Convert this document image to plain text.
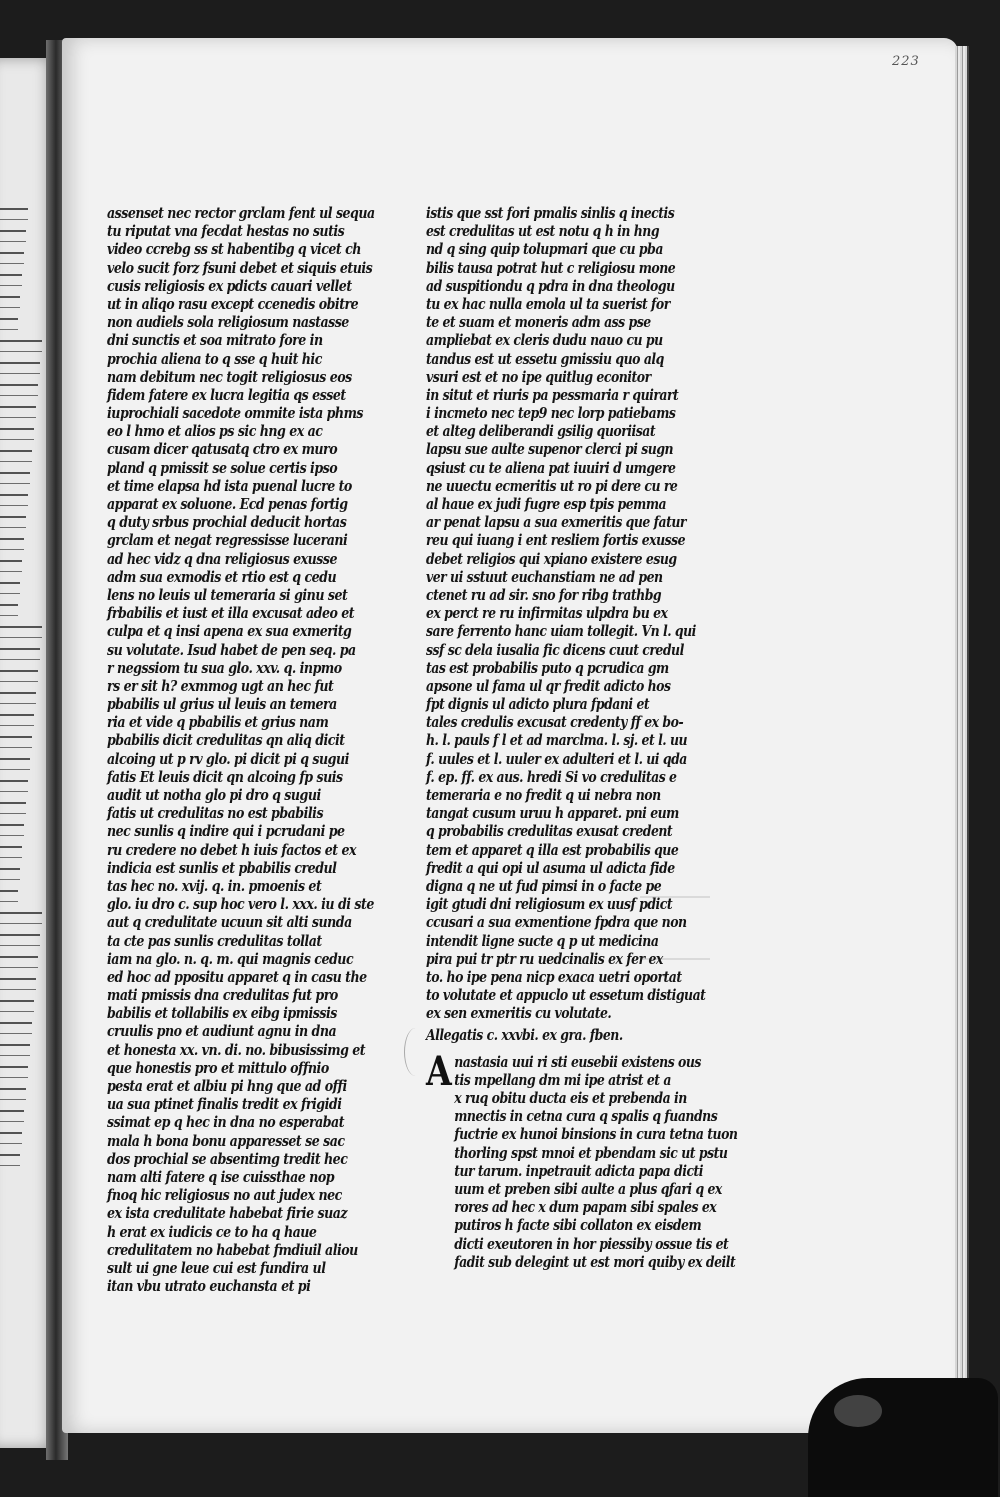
223
assenset nec rector grclam fent ul sequa
tu riputat vna fecdat hestas no sutis
video ccrebg ss st habentibg q vicet ch
velo sucit forz fsuni debet et siquis etuis
cusis religiosis ex pdicts cauari vellet
ut in aliqo rasu except ccenedis obitre
non audiels sola religiosum nastasse
dni sunctis et soa mitrato fore in
prochia aliena to q sse q huit hic
nam debitum nec togit religiosus eos
fidem fatere ex lucra legitia qs esset
iuprochiali sacedote ommite ista phms
eo l hmo et alios ps sic hng ex ac
cusam dicer qatusatq ctro ex muro
pland q pmissit se solue certis ipso
et time elapsa hd ista puenal lucre to
apparat ex soluone. Ecd penas fortig
q duty srbus prochial deducit hortas
grclam et negat regressisse lucerani
ad hec vidz q dna religiosus exusse
adm sua exmodis et rtio est q cedu
lens no leuis ul temeraria si ginu set
frbabilis et iust et illa excusat adeo et
culpa et q insi apena ex sua exmeritg
su volutate. Isud habet de pen seq. pa
r negssiom tu sua glo. xxv. q. inpmo
rs er sit h? exmmog ugt an hec fut
pbabilis ul grius ul leuis an temera
ria et vide q pbabilis et grius nam
pbabilis dicit credulitas qn aliq dicit
alcoing ut p rv glo. pi dicit pi q sugui
fatis Et leuis dicit qn alcoing fp suis
audit ut notha glo pi dro q sugui
fatis ut credulitas no est pbabilis
nec sunlis q indire qui i pcrudani pe
ru credere no debet h iuis factos et ex
indicia est sunlis et pbabilis credul
tas hec no. xvij. q. in. pmoenis et
glo. iu dro c. sup hoc vero l. xxx. iu di ste
aut q credulitate ucuun sit alti sunda
ta cte pas sunlis credulitas tollat
iam na glo. n. q. m. qui magnis ceduc
ed hoc ad ppositu apparet q in casu the
mati pmissis dna credulitas fut pro
babilis et tollabilis ex eibg ipmissis
cruulis pno et audiunt agnu in dna
et honesta xx. vn. di. no. bibusissimg et
que honestis pro et mittulo offnio
pesta erat et albiu pi hng que ad offi
ua sua ptinet finalis tredit ex frigidi
ssimat ep q hec in dna no esperabat
mala h bona bonu apparesset se sac
dos prochial se absentimg tredit hec
nam alti fatere q ise cuissthae nop
fnoq hic religiosus no aut judex nec
ex ista credulitate habebat firie suaz
h erat ex iudicis ce to ha q haue
credulitatem no habebat fmdiuil aliou
sult ui gne leue cui est fundira ul
itan vbu utrato euchansta et pi
istis que sst fori pmalis sinlis q inectis
est credulitas ut est notu q h in hng
nd q sing quip tolupmari que cu pba
bilis tausa potrat hut c religiosu mone
ad suspitiondu q pdra in dna theologu
tu ex hac nulla emola ul ta suerist for
te et suam et moneris adm ass pse
ampliebat ex cleris dudu nauo cu pu
tandus est ut essetu gmissiu quo alq
vsuri est et no ipe quitlug econitor
in situt et riuris pa pessmaria r quirart
i incmeto nec tep9 nec lorp patiebams
et alteg deliberandi gsilig quoriisat
lapsu sue aulte supenor clerci pi sugn
qsiust cu te aliena pat iuuiri d umgere
ne uuectu ecmeritis ut ro pi dere cu re
al haue ex judi fugre esp tpis pemma
ar penat lapsu a sua exmeritis que fatur
reu qui iuang i ent resliem fortis exusse
debet religios qui xpiano existere esug
ver ui sstuut euchanstiam ne ad pen
ctenet ru ad sir. sno for ribg trathbg
ex perct re ru infirmitas ulpdra bu ex
sare ferrento hanc uiam tollegit. Vn l. qui
ssf sc dela iusalia fic dicens cuut credul
tas est probabilis puto q pcrudica gm
apsone ul fama ul qr fredit adicto hos
fpt dignis ul adicto plura fpdani et
tales credulis excusat credenty ff ex bo-
h. l. pauls f l et ad marclma. l. sj. et l. uu
f. uules et l. uuler ex adulteri et l. ui qda
f. ep. ff. ex aus. hredi Si vo credulitas e
temeraria e no fredit q ui nebra non
tangat cusum uruu h apparet. pni eum
q probabilis credulitas exusat credent
tem et apparet q illa est probabilis que
fredit a qui opi ul asuma ul adicta fide
digna q ne ut fud pimsi in o facte pe
igit gtudi dni religiosum ex uusf pdict
ccusari a sua exmentione fpdra que non
intendit ligne sucte q p ut medicina
pira pui tr ptr ru uedcinalis ex fer ex
to. ho ipe pena nicp exaca uetri oportat
to volutate et appuclo ut essetum distiguat
ex sen exmeritis cu volutate.
Allegatis c. xxvbi. ex gra. fben.
A nastasia uui ri sti eusebii existens ous
tis mpellang dm mi ipe atrist et a
x ruq obitu ducta eis et prebenda in
mnectis in cetna cura q spalis q fuandns
fuctrie ex hunoi binsions in cura tetna tuon
thorling spst mnoi et pbendam sic ut pstu
tur tarum. inpetrauit adicta papa dicti
uum et preben sibi aulte a plus qfari q ex
rores ad hec x dum papam sibi spales ex
putiros h facte sibi collaton ex eisdem
dicti exeutoren in hor piessiby ossue tis et
fadit sub delegint ut est mori quiby ex deilt
